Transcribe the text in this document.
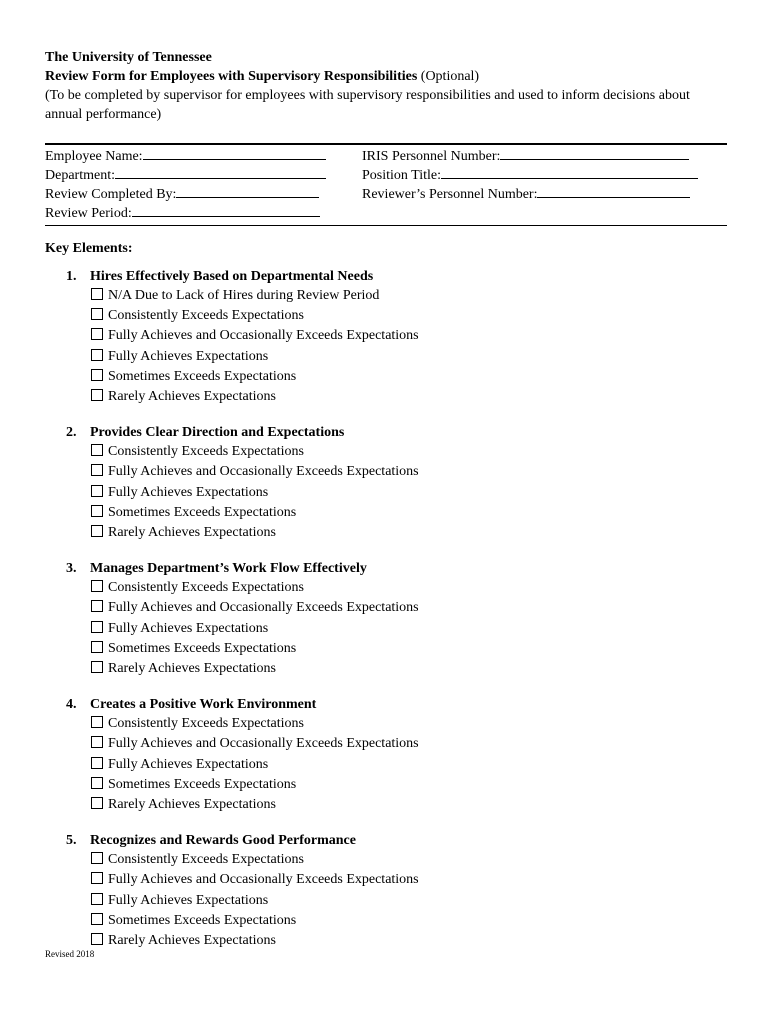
The University of Tennessee
Review Form for Employees with Supervisory Responsibilities (Optional)
(To be completed by supervisor for employees with supervisory responsibilities and used to inform decisions about annual performance)
Employee Name:
Department:
Review Completed By:
Review Period:
IRIS Personnel Number:
Position Title:
Reviewer’s Personnel Number:
Key Elements:
1. Hires Effectively Based on Departmental Needs
N/A Due to Lack of Hires during Review Period
Consistently Exceeds Expectations
Fully Achieves and Occasionally Exceeds Expectations
Fully Achieves Expectations
Sometimes Exceeds Expectations
Rarely Achieves Expectations
2. Provides Clear Direction and Expectations
Consistently Exceeds Expectations
Fully Achieves and Occasionally Exceeds Expectations
Fully Achieves Expectations
Sometimes Exceeds Expectations
Rarely Achieves Expectations
3. Manages Department’s Work Flow Effectively
Consistently Exceeds Expectations
Fully Achieves and Occasionally Exceeds Expectations
Fully Achieves Expectations
Sometimes Exceeds Expectations
Rarely Achieves Expectations
4. Creates a Positive Work Environment
Consistently Exceeds Expectations
Fully Achieves and Occasionally Exceeds Expectations
Fully Achieves Expectations
Sometimes Exceeds Expectations
Rarely Achieves Expectations
5. Recognizes and Rewards Good Performance
Consistently Exceeds Expectations
Fully Achieves and Occasionally Exceeds Expectations
Fully Achieves Expectations
Sometimes Exceeds Expectations
Rarely Achieves Expectations
Revised 2018
